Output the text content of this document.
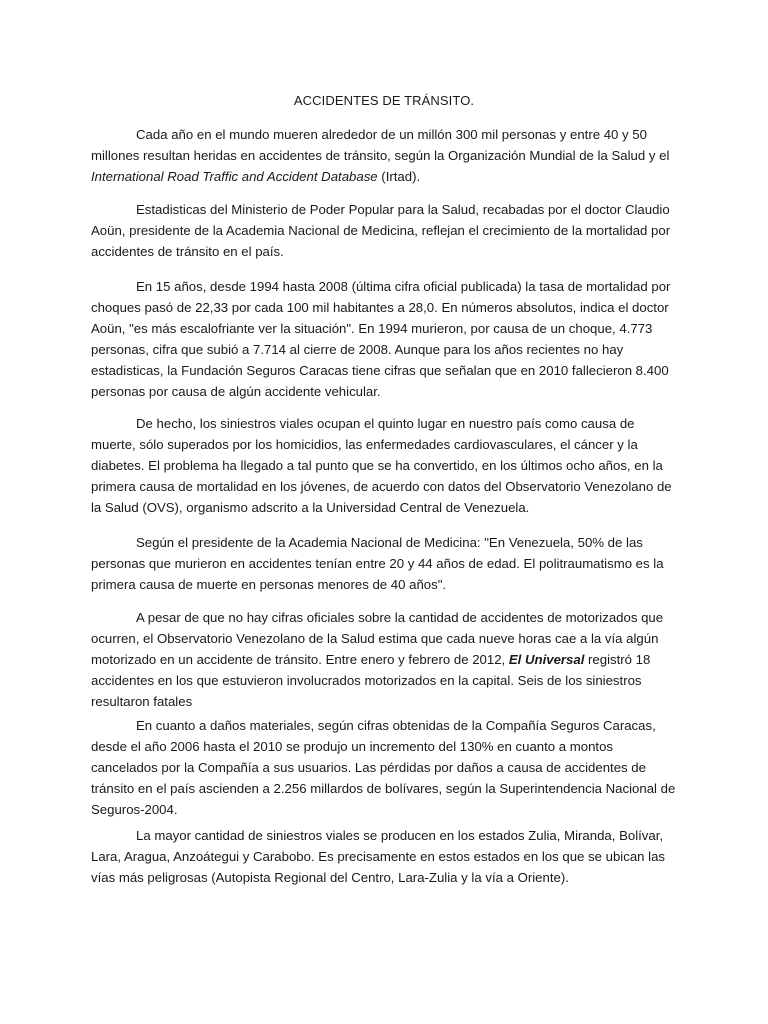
ACCIDENTES DE TRÁNSITO.

Cada año en el mundo mueren alrededor de un millón 300 mil personas y entre 40 y 50 millones resultan heridas en accidentes de tránsito, según la Organización Mundial de la Salud y el International Road Traffic and Accident Database (Irtad).

Estadisticas del Ministerio de Poder Popular para la Salud, recabadas por el doctor Claudio Aoün, presidente de la Academia Nacional de Medicina, reflejan el crecimiento de la mortalidad por accidentes de tránsito en el país.

En 15 años, desde 1994 hasta 2008 (última cifra oficial publicada) la tasa de mortalidad por choques pasó de 22,33 por cada 100 mil habitantes a 28,0. En números absolutos, indica el doctor Aoün, "es más escalofriante ver la situación". En 1994 murieron, por causa de un choque, 4.773 personas, cifra que subió a 7.714 al cierre de 2008. Aunque para los años recientes no hay estadisticas, la Fundación Seguros Caracas tiene cifras que señalan que en 2010 fallecieron 8.400 personas por causa de algún accidente vehicular.

De hecho, los siniestros viales ocupan el quinto lugar en nuestro país como causa de muerte, sólo superados por los homicidios, las enfermedades cardiovasculares, el cáncer y la diabetes. El problema ha llegado a tal punto que se ha convertido, en los últimos ocho años, en la primera causa de mortalidad en los jóvenes, de acuerdo con datos del Observatorio Venezolano de la Salud (OVS), organismo adscrito a la Universidad Central de Venezuela.

Según el presidente de la Academia Nacional de Medicina: "En Venezuela, 50% de las personas que murieron en accidentes tenían entre 20 y 44 años de edad. El politraumatismo es la primera causa de muerte en personas menores de 40 años".

A pesar de que no hay cifras oficiales sobre la cantidad de accidentes de motorizados que ocurren, el Observatorio Venezolano de la Salud estima que cada nueve horas cae a la vía algún motorizado en un accidente de tránsito. Entre enero y febrero de 2012, El Universal registró 18 accidentes en los que estuvieron involucrados motorizados en la capital. Seis de los siniestros resultaron fatales

En cuanto a daños materiales, según cifras obtenidas de la Compañía Seguros Caracas, desde el año 2006 hasta el 2010 se produjo un incremento del 130% en cuanto a montos cancelados por la Compañía a sus usuarios. Las pérdidas por daños a causa de accidentes de tránsito en el país ascienden a 2.256 millardos de bolívares, según la Superintendencia Nacional de Seguros-2004.

La mayor cantidad de siniestros viales se producen en los estados Zulia, Miranda, Bolívar, Lara, Aragua, Anzoátegui y Carabobo. Es precisamente en estos estados en los que se ubican las vías más peligrosas (Autopista Regional del Centro, Lara-Zulia y la vía a Oriente).
